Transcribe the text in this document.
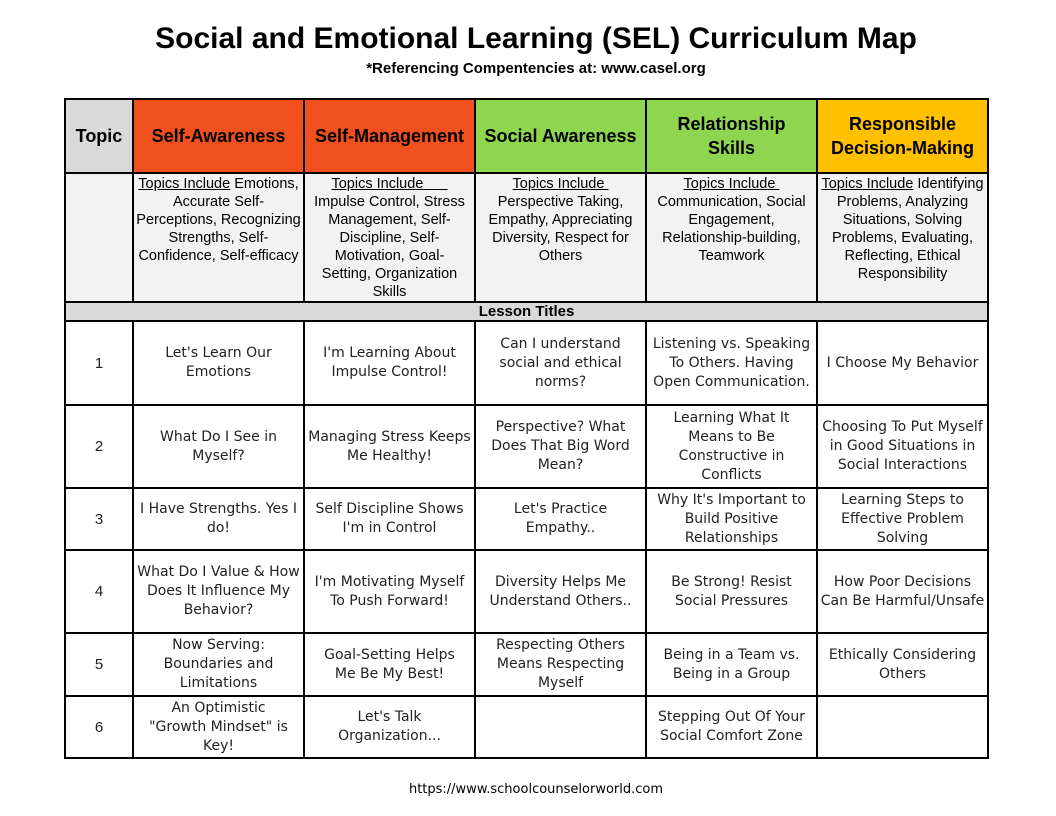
Social and Emotional Learning (SEL) Curriculum Map
*Referencing Compentencies at: www.casel.org
Topic	Self-Awareness	Self-Management	Social Awareness	Relationship Skills	Responsible Decision-Making
	Topics Include Emotions, Accurate Self-Perceptions, Recognizing Strengths, Self-Confidence, Self-efficacy	Topics Include       Impulse Control, Stress Management, Self-Discipline, Self-Motivation, Goal-Setting, Organization Skills	Topics Include  Perspective Taking, Empathy, Appreciating Diversity, Respect for Others	Topics Include  Communication, Social Engagement, Relationship-building, Teamwork	Topics Include Identifying Problems, Analyzing Situations, Solving Problems, Evaluating, Reflecting, Ethical Responsibility
Lesson Titles					
1	Let's Learn Our Emotions	I'm Learning About Impulse Control!	Can I understand social and ethical norms?	Listening vs. Speaking To Others. Having Open Communication.	I Choose My Behavior
2	What Do I See in Myself?	Managing Stress Keeps Me Healthy!	Perspective? What Does That Big Word Mean?	Learning What It Means to Be Constructive in Conflicts	Choosing To Put Myself in Good Situations in Social Interactions
3	I Have Strengths. Yes I do!	Self Discipline Shows I'm in Control	Let's Practice Empathy..	Why It's Important to Build Positive Relationships	Learning Steps to Effective Problem Solving
4	What Do I Value & How Does It Influence My Behavior?	I'm Motivating Myself To Push Forward!	Diversity Helps Me Understand Others..	Be Strong! Resist Social Pressures	How Poor Decisions Can Be Harmful/Unsafe
5	Now Serving: Boundaries and Limitations	Goal-Setting Helps Me Be My Best!	Respecting Others Means Respecting Myself	Being in a Team vs. Being in a Group	Ethically Considering Others
6	An Optimistic "Growth Mindset" is Key!	Let's Talk Organization...		Stepping Out Of Your Social Comfort Zone	
https://www.schoolcounselorworld.com
